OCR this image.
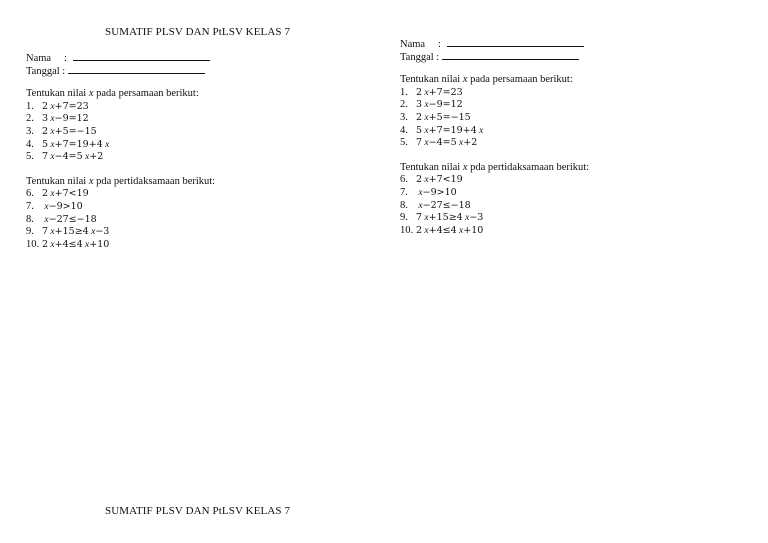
SUMATIF PLSV DAN PtLSV KELAS 7
SUMATIF PLSV DAN PtLSV KELAS 7
Nama :
Tanggal :
Tentukan nilai x pada persamaan berikut:
1. 2 x+7=23
2. 3 x−9=12
3. 2 x+5=−15
4. 5 x+7=19+4 x
5. 7 x−4=5 x+2
Tentukan nilai x pda pertidaksamaan berikut:
6. 2 x+7<19
7. x−9>10
8. x−27≤−18
9. 7 x+15≥4 x−3
10. 2 x+4≤4 x+10
Nama :
Tanggal :
Tentukan nilai x pada persamaan berikut:
1. 2 x+7=23
2. 3 x−9=12
3. 2 x+5=−15
4. 5 x+7=19+4 x
5. 7 x−4=5 x+2
Tentukan nilai x pda pertidaksamaan berikut:
6. 2 x+7<19
7. x−9>10
8. x−27≤−18
9. 7 x+15≥4 x−3
10. 2 x+4≤4 x+10
